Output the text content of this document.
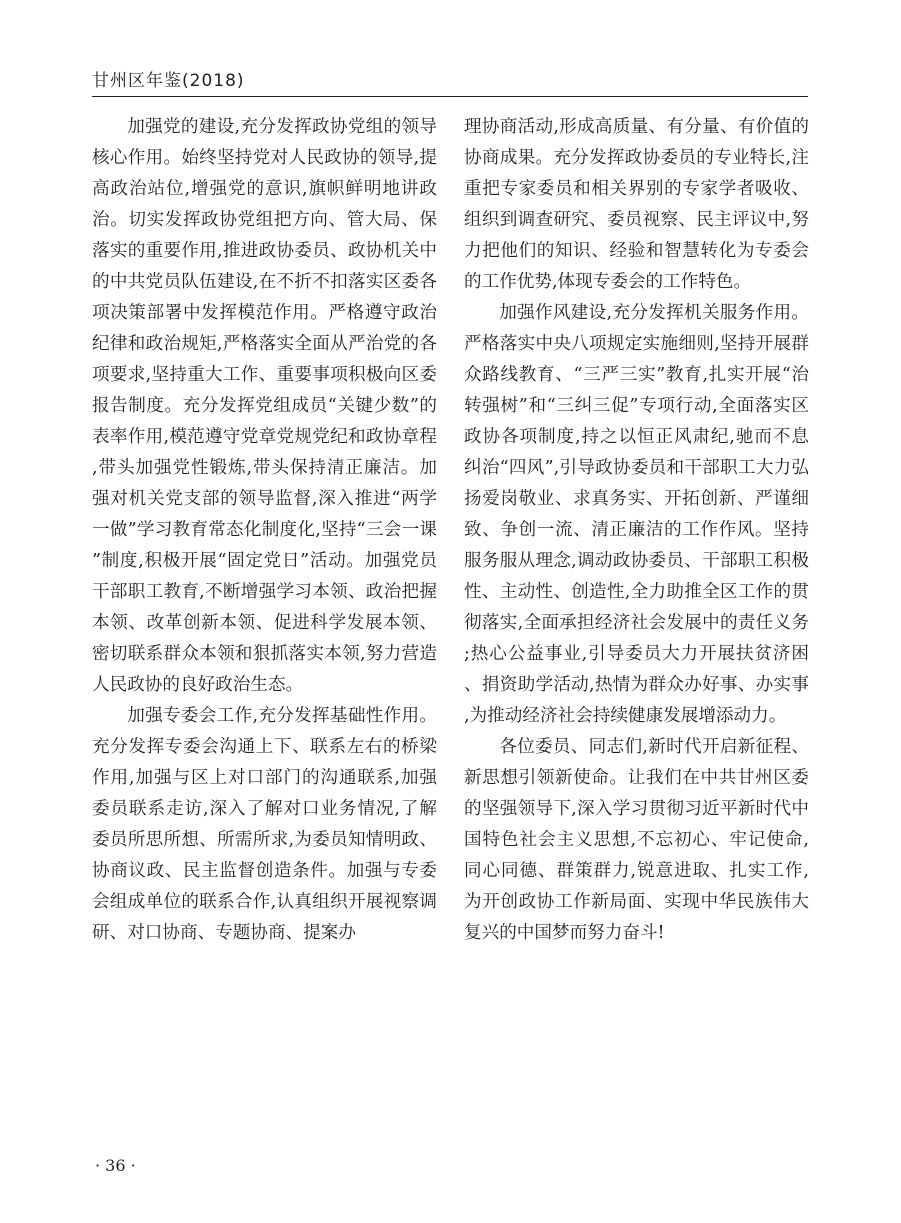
甘州区年鉴(2018)

加强党的建设,充分发挥政协党组的领导核心作用。始终坚持党对人民政协的领导,提高政治站位,增强党的意识,旗帜鲜明地讲政治。切实发挥政协党组把方向、管大局、保落实的重要作用,推进政协委员、政协机关中的中共党员队伍建设,在不折不扣落实区委各项决策部署中发挥模范作用。严格遵守政治纪律和政治规矩,严格落实全面从严治党的各项要求,坚持重大工作、重要事项积极向区委报告制度。充分发挥党组成员“关键少数”的表率作用,模范遵守党章党规党纪和政协章程,带头加强党性锻炼,带头保持清正廉洁。加强对机关党支部的领导监督,深入推进“两学一做”学习教育常态化制度化,坚持“三会一课”制度,积极开展“固定党日”活动。加强党员干部职工教育,不断增强学习本领、政治把握本领、改革创新本领、促进科学发展本领、密切联系群众本领和狠抓落实本领,努力营造人民政协的良好政治生态。

加强专委会工作,充分发挥基础性作用。充分发挥专委会沟通上下、联系左右的桥梁作用,加强与区上对口部门的沟通联系,加强委员联系走访,深入了解对口业务情况,了解委员所思所想、所需所求,为委员知情明政、协商议政、民主监督创造条件。加强与专委会组成单位的联系合作,认真组织开展视察调研、对口协商、专题协商、提案办

理协商活动,形成高质量、有分量、有价值的协商成果。充分发挥政协委员的专业特长,注重把专家委员和相关界别的专家学者吸收、组织到调查研究、委员视察、民主评议中,努力把他们的知识、经验和智慧转化为专委会的工作优势,体现专委会的工作特色。

加强作风建设,充分发挥机关服务作用。严格落实中央八项规定实施细则,坚持开展群众路线教育、“三严三实”教育,扎实开展“治转强树”和“三纠三促”专项行动,全面落实区政协各项制度,持之以恒正风肃纪,驰而不息纠治“四风”,引导政协委员和干部职工大力弘扬爱岗敬业、求真务实、开拓创新、严谨细致、争创一流、清正廉洁的工作作风。坚持服务服从理念,调动政协委员、干部职工积极性、主动性、创造性,全力助推全区工作的贯彻落实,全面承担经济社会发展中的责任义务;热心公益事业,引导委员大力开展扶贫济困、捐资助学活动,热情为群众办好事、办实事,为推动经济社会持续健康发展增添动力。

各位委员、同志们,新时代开启新征程、新思想引领新使命。让我们在中共甘州区委的坚强领导下,深入学习贯彻习近平新时代中国特色社会主义思想,不忘初心、牢记使命,同心同德、群策群力,锐意进取、扎实工作,为开创政协工作新局面、实现中华民族伟大复兴的中国梦而努力奋斗!

· 36 ·
